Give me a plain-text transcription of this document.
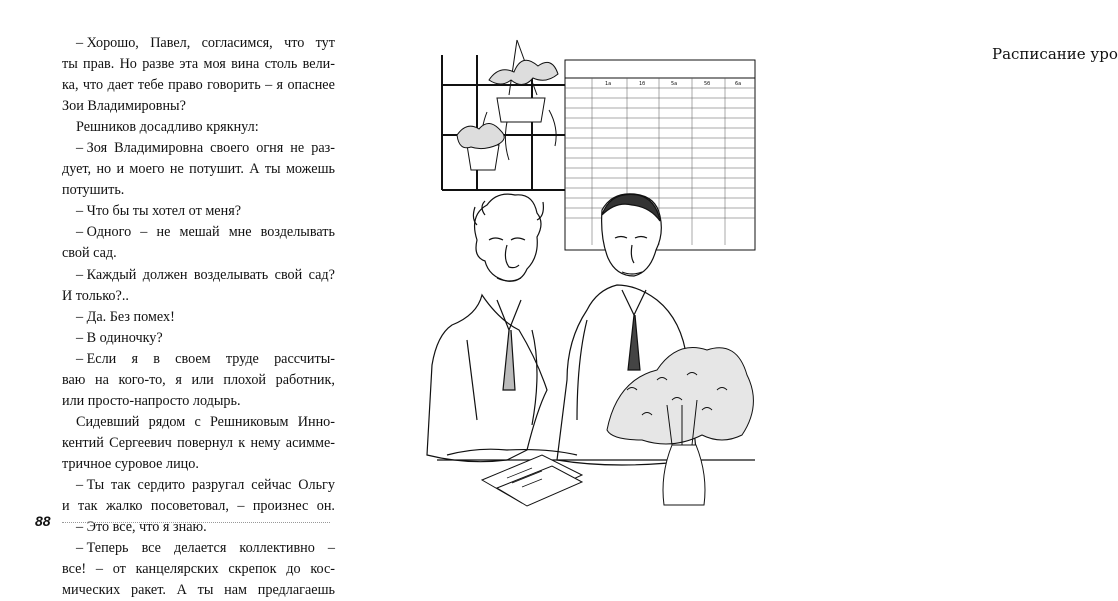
– Хорошо, Павел, согласимся, что тут
ты прав. Но разве эта моя вина столь вели-
ка, что дает тебе право говорить – я опаснее
Зои Владимировны?
Решников досадливо крякнул:
– Зоя Владимировна своего огня не раз-
дует, но и моего не потушит. А ты можешь
потушить.
– Что бы ты хотел от меня?
– Одного – не мешай мне возделывать
свой сад.
– Каждый должен возделывать свой сад?
И только?..
– Да. Без помех!
– В одиночку?
– Если я в своем труде рассчиты-
ваю на кого-то, я или плохой работник,
или просто-напросто лодырь.
Сидевший рядом с Решниковым Инно-
кентий Сергеевич повернул к нему асимме-
тричное суровое лицо.
– Ты так сердито разругал сейчас Ольгу
и так жалко посоветовал, – произнес он.
– Это все, что я знаю.
– Теперь все делается коллективно –
все! – от канцелярских скрепок до кос-
мических ракет. А ты нам предлагаешь
88
1а	1б	5а	5б	6а
Расписание уро
